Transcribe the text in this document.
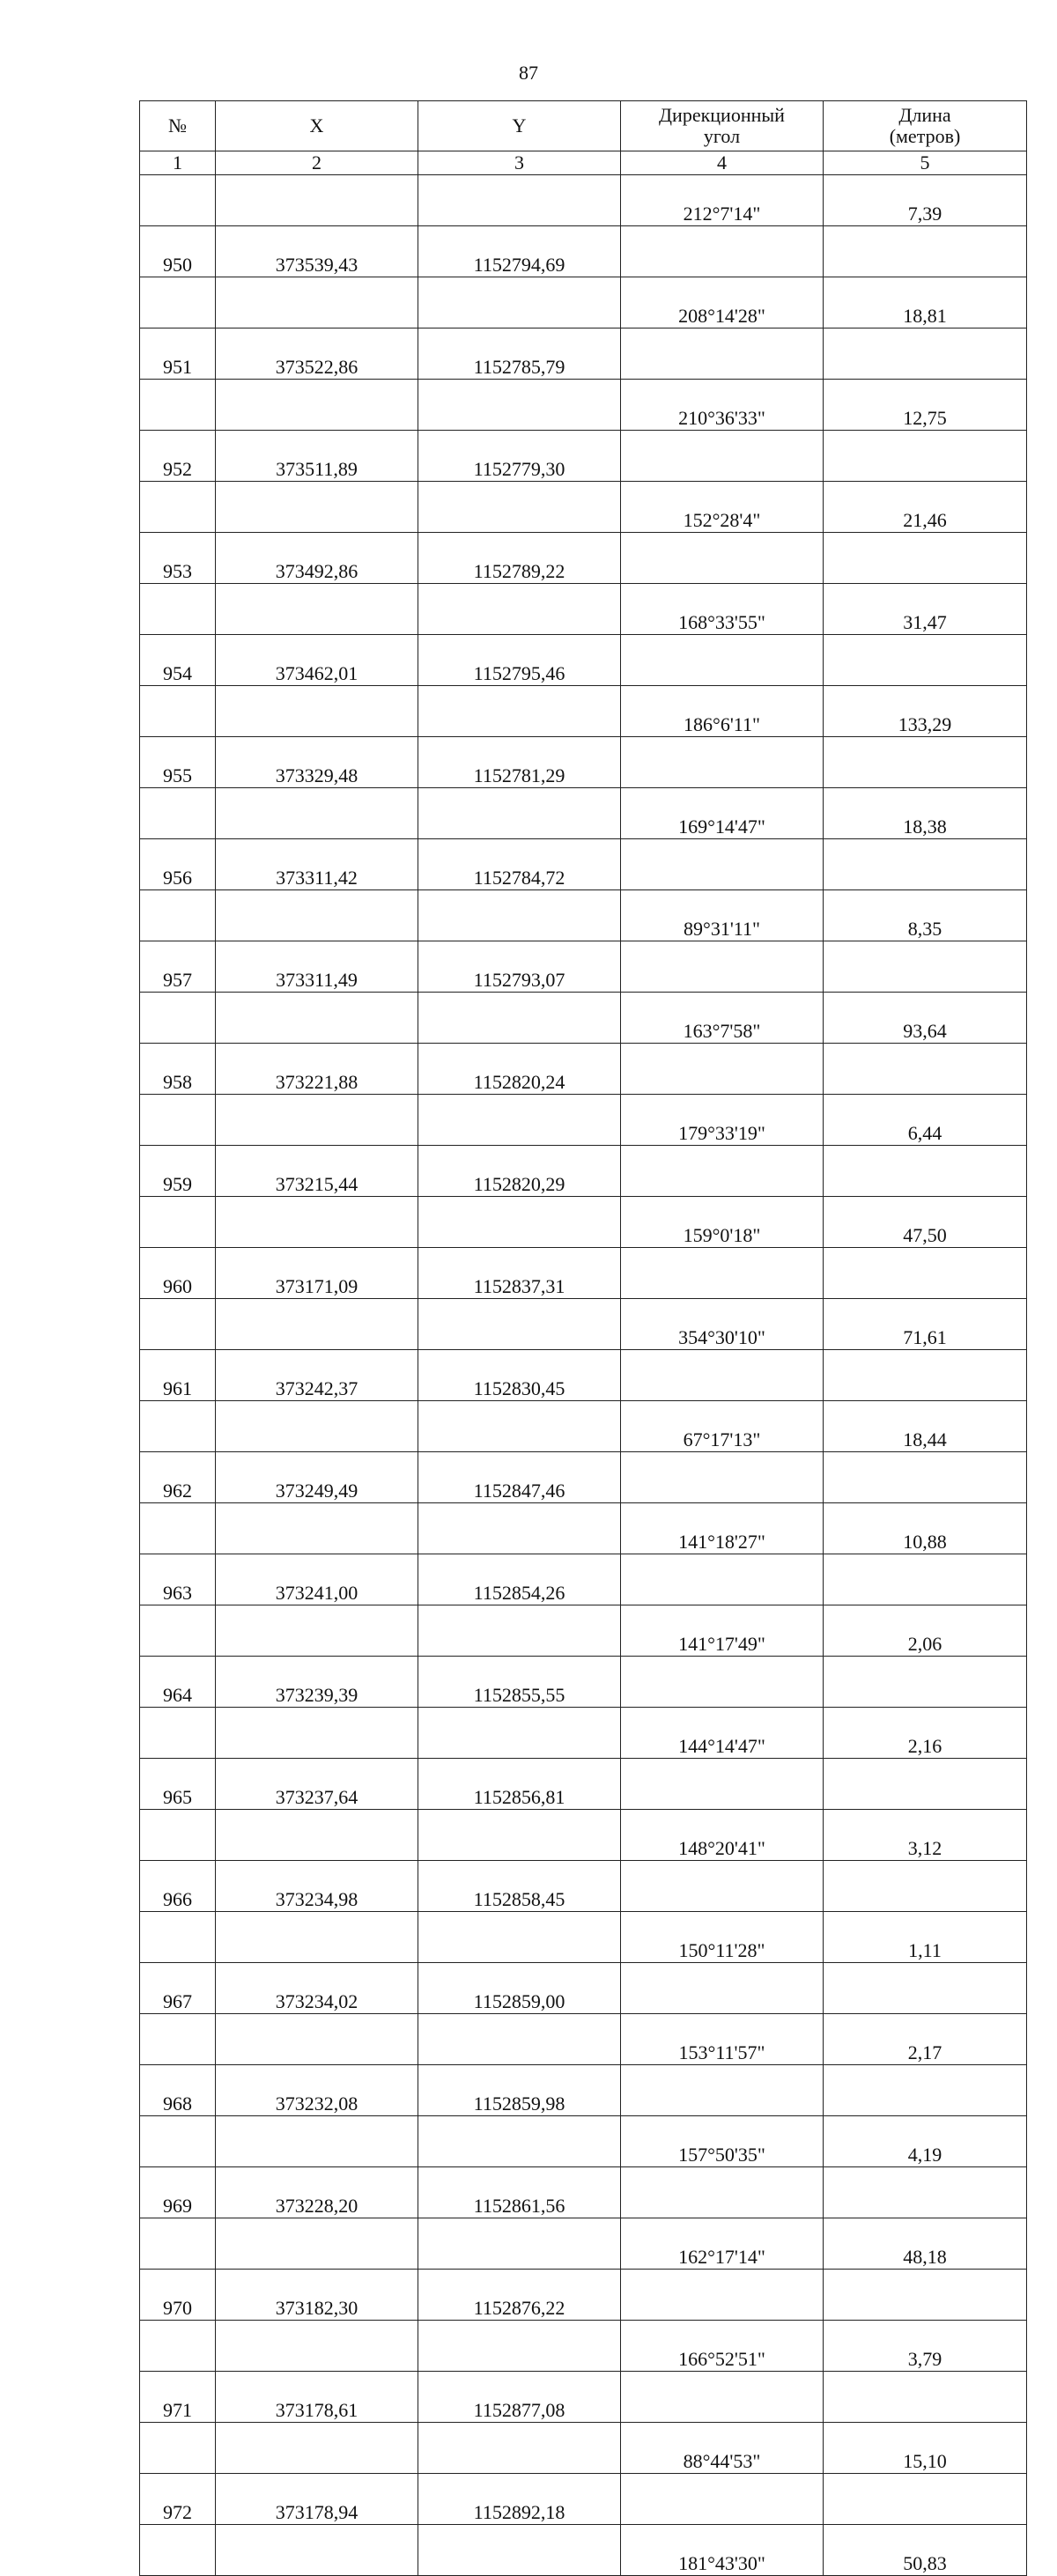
87
№	X	Y	Дирекционный
угол	Длина
(метров)

1	2	3	4	5
			212°7'14"	7,39
950	373539,43	1152794,69		
			208°14'28"	18,81
951	373522,86	1152785,79		
			210°36'33"	12,75
952	373511,89	1152779,30		
			152°28'4"	21,46
953	373492,86	1152789,22		
			168°33'55"	31,47
954	373462,01	1152795,46		
			186°6'11"	133,29
955	373329,48	1152781,29		
			169°14'47"	18,38
956	373311,42	1152784,72		
			89°31'11"	8,35
957	373311,49	1152793,07		
			163°7'58"	93,64
958	373221,88	1152820,24		
			179°33'19"	6,44
959	373215,44	1152820,29		
			159°0'18"	47,50
960	373171,09	1152837,31		
			354°30'10"	71,61
961	373242,37	1152830,45		
			67°17'13"	18,44
962	373249,49	1152847,46		
			141°18'27"	10,88
963	373241,00	1152854,26		
			141°17'49"	2,06
964	373239,39	1152855,55		
			144°14'47"	2,16
965	373237,64	1152856,81		
			148°20'41"	3,12
966	373234,98	1152858,45		
			150°11'28"	1,11
967	373234,02	1152859,00		
			153°11'57"	2,17
968	373232,08	1152859,98		
			157°50'35"	4,19
969	373228,20	1152861,56		
			162°17'14"	48,18
970	373182,30	1152876,22		
			166°52'51"	3,79
971	373178,61	1152877,08		
			88°44'53"	15,10
972	373178,94	1152892,18		
			181°43'30"	50,83
